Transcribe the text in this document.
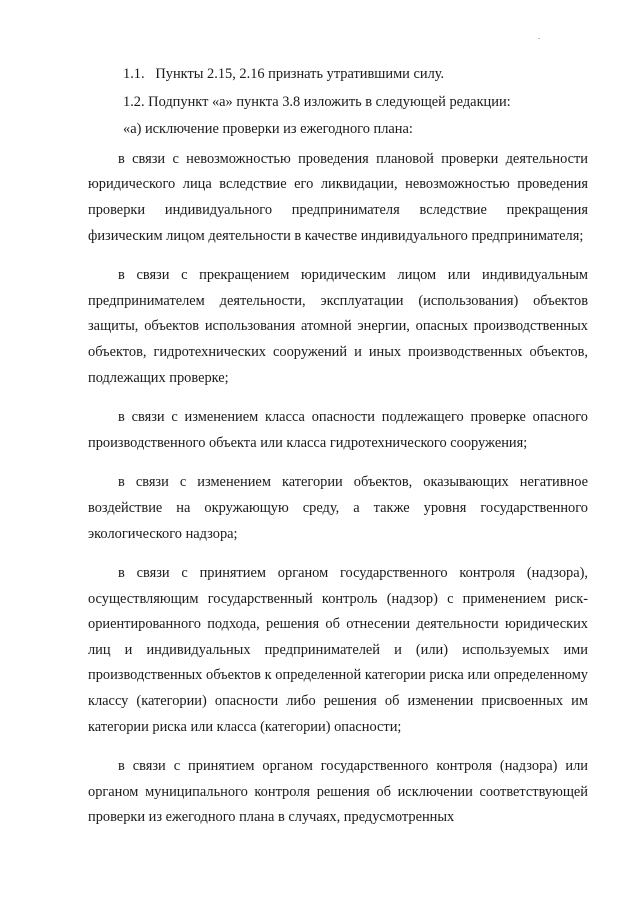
1.1.   Пункты 2.15, 2.16 признать утратившими силу.

1.2. Подпункт «а» пункта 3.8 изложить в следующей редакции:

«а) исключение проверки из ежегодного плана:

в связи с невозможностью проведения плановой проверки деятельности юридического лица вследствие его ликвидации, невозможностью проведения проверки индивидуального предпринимателя вследствие прекращения физическим лицом деятельности в качестве индивидуального предпринимателя;

в связи с прекращением юридическим лицом или индивидуальным предпринимателем деятельности, эксплуатации (использования) объектов защиты, объектов использования атомной энергии, опасных производственных объектов, гидротехнических сооружений и иных производственных объектов, подлежащих проверке;

в связи с изменением класса опасности подлежащего проверке опасного производственного объекта или класса гидротехнического сооружения;

в связи с изменением категории объектов, оказывающих негативное воздействие на окружающую среду, а также уровня государственного экологического надзора;

в связи с принятием органом государственного контроля (надзора), осуществляющим государственный контроль (надзор) с применением риск-ориентированного подхода, решения об отнесении деятельности юридических лиц и индивидуальных предпринимателей и (или) используемых ими производственных объектов к определенной категории риска или определенному классу (категории) опасности либо решения об изменении присвоенных им категории риска или класса (категории) опасности;

в связи с принятием органом государственного контроля (надзора) или органом муниципального контроля решения об исключении соответствующей проверки из ежегодного плана в случаях, предусмотренных
